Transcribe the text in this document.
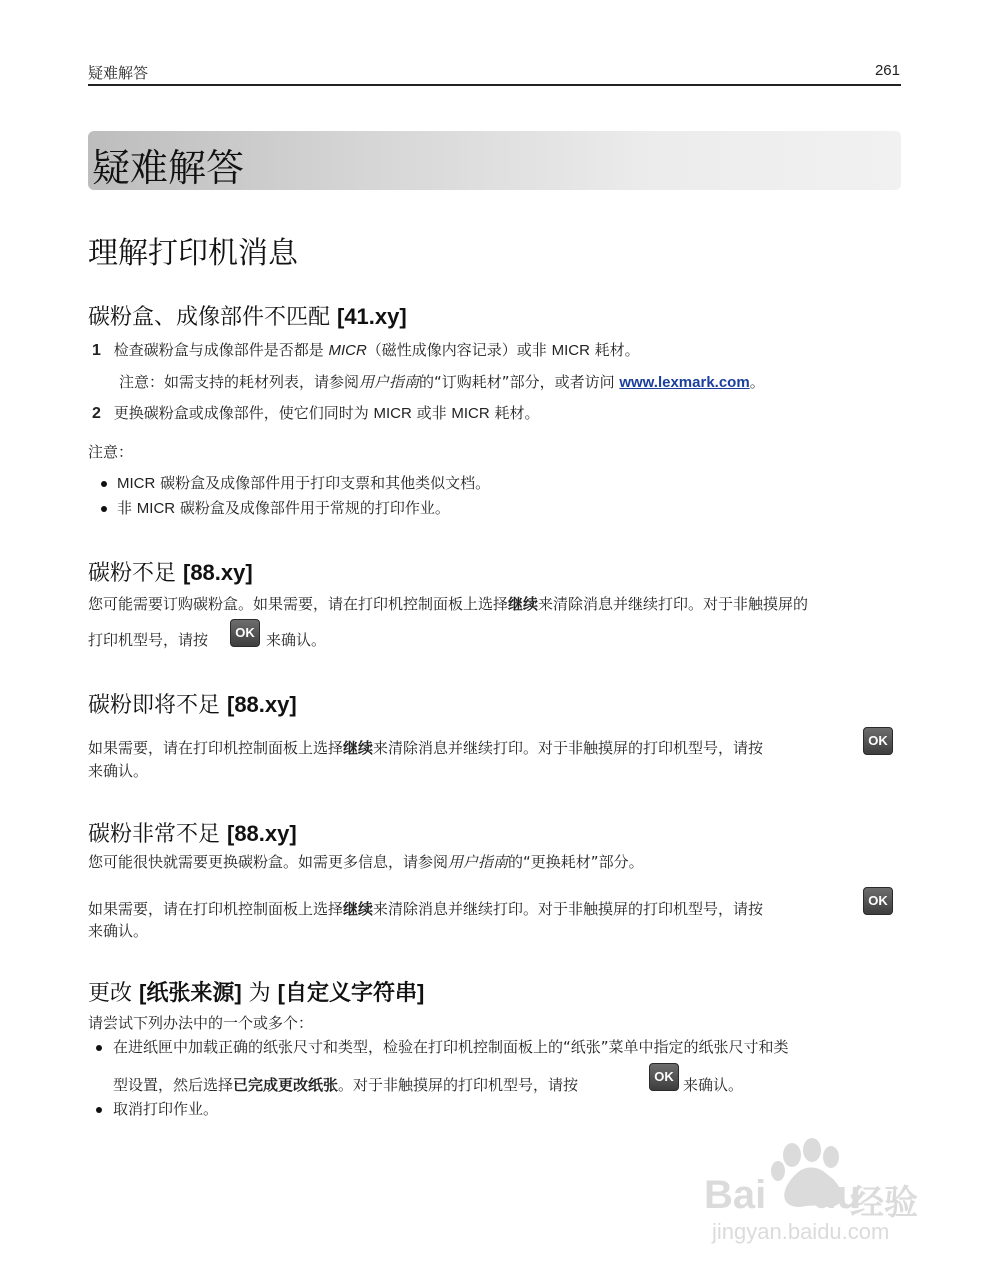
疑难解答	261
疑难解答
理解打印机消息
碳粉盒、成像部件不匹配 [41.xy]
1 检查碳粉盒与成像部件是否都是 MICR（磁性成像内容记录）或非 MICR 耗材。
注意：如需支持的耗材列表，请参阅用户指南的“订购耗材”部分，或者访问 www.lexmark.com。
2 更换碳粉盒或成像部件，使它们同时为 MICR 或非 MICR 耗材。
注意：
MICR 碳粉盒及成像部件用于打印支票和其他类似文档。
非 MICR 碳粉盒及成像部件用于常规的打印作业。
碳粉不足 [88.xy]
您可能需要订购碳粉盒。如果需要，请在打印机控制面板上选择继续来清除消息并继续打印。对于非触摸屏的
打印机型号，请按	OK 来确认。
碳粉即将不足 [88.xy]
如果需要，请在打印机控制面板上选择继续来清除消息并继续打印。对于非触摸屏的打印机型号，请按	OK
来确认。
碳粉非常不足 [88.xy]
您可能很快就需要更换碳粉盒。如需更多信息，请参阅用户指南的“更换耗材”部分。
如果需要，请在打印机控制面板上选择继续来清除消息并继续打印。对于非触摸屏的打印机型号，请按	OK
来确认。
更改 [纸张来源] 为 [自定义字符串]
请尝试下列办法中的一个或多个：
在进纸匣中加载正确的纸张尺寸和类型，检验在打印机控制面板上的“纸张”菜单中指定的纸张尺寸和类
型设置，然后选择已完成更改纸张。对于非触摸屏的打印机型号，请按	OK 来确认。
取消打印作业。
Bai du
经验
jingyan.baidu.com
